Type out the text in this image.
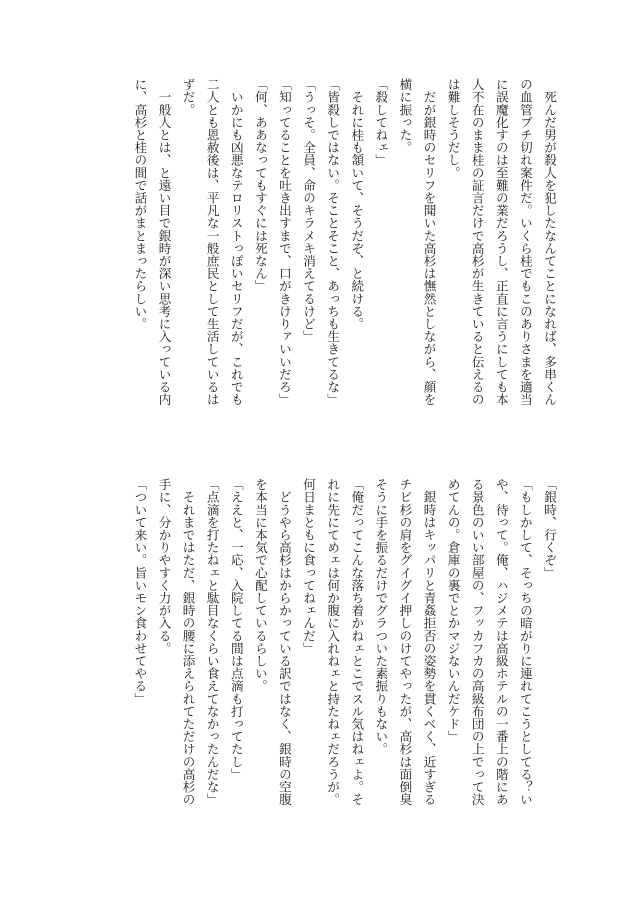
　死んだ男が殺人を犯したなんてことになれば、多串くん
の血管ブチ切れ案件だ。いくら桂でもこのありさまを適当
に誤魔化すのは至難の業だろうし、正直に言うにしても本
人不在のまま桂の証言だけで高杉が生きていると伝えるの
は難しそうだし。
　だが銀時のセリフを聞いた高杉は憮然としながら、顔を
横に振った。
「殺してねェ」
　それに桂も頷いて、そうだぞ、と続ける。
「皆殺しではない。そことそこと、あっちも生きてるな」
「うっそ。全員、命のキラメキ消えてるけど」
「知ってることを吐き出すまで、口がきけりァいいだろ」
「何、ああなってもすぐには死なん」
　いかにも凶悪なテロリストっぽいセリフだが、これでも
二人とも恩赦後は、平凡な一般庶民として生活しているは
ずだ。
　一般人とは、と遠い目で銀時が深い思考に入っている内
に、高杉と桂の間で話がまとまったらしい。
「銀時、行くぞ」
「もしかして、そっちの暗がりに連れてこうとしてる？い
や、待って。俺、ハジメテは高級ホテルの一番上の階にあ
る景色のいい部屋の、フッカフカの高級布団の上でって決
めてんの。倉庫の裏でとかマジないんだケド」
　銀時はキッパリと青姦拒否の姿勢を貫くべく、近すぎる
チビ杉の肩をグイグイ押しのけてやったが、高杉は面倒臭
そうに手を振るだけでグラついた素振りもない。
「俺だってこんな落ち着かねェとこでスル気はねェよ。そ
れに先にてめェは何か腹に入れねェと持たねェだろうが。
何日まともに食ってねェんだ」
　どうやら高杉はからかっている訳ではなく、銀時の空腹
を本当に本気で心配しているらしい。
「ええと、一応、入院してる間は点滴も打ってたし」
「点滴を打たねェと駄目なくらい食えてなかったんだな」
　それまではただ、銀時の腰に添えられてただけの高杉の
手に、分かりやすく力が入る。
「ついて来い。旨いモン食わせてやる」
